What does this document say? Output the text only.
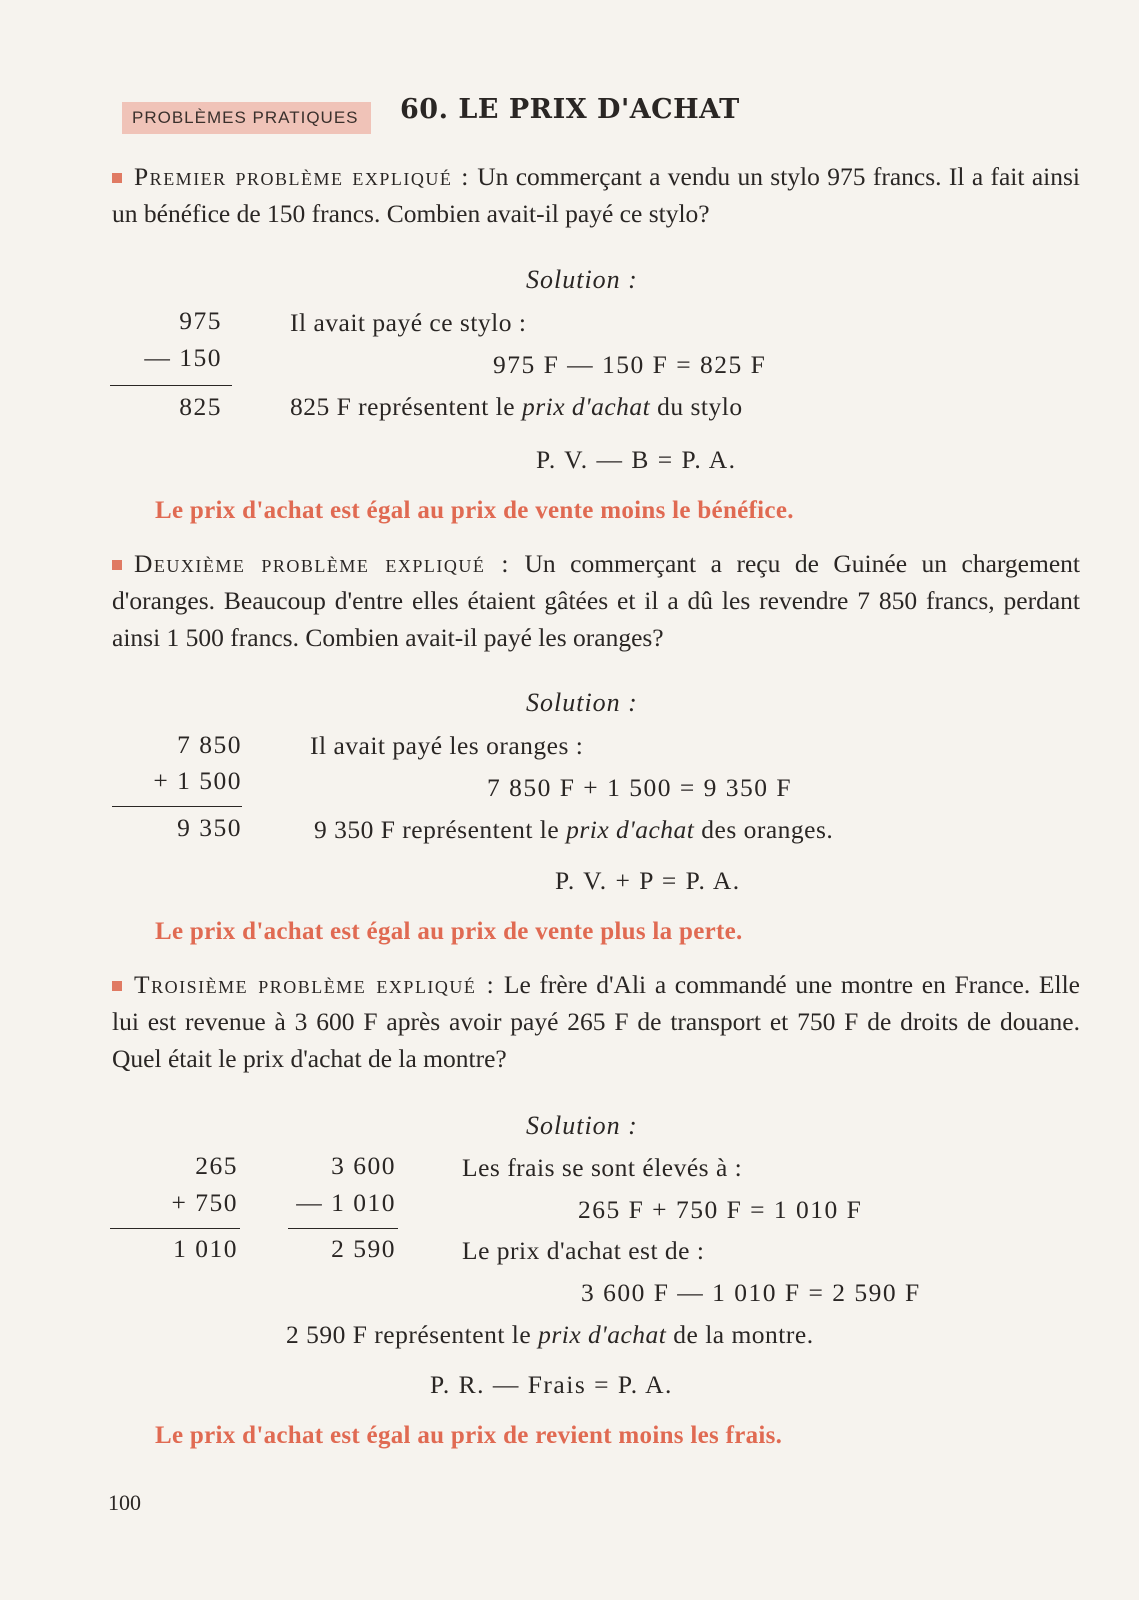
PROBLÈMES PRATIQUES	60. LE PRIX D'ACHAT
Premier problème expliqué : Un commerçant a vendu un stylo 975 francs. Il a fait ainsi un bénéfice de 150 francs. Combien avait-il payé ce stylo?
Solution :
975
— 150
825
Il avait payé ce stylo :
975 F — 150 F = 825 F
825 F représentent le prix d'achat du stylo
P. V. — B = P. A.
Le prix d'achat est égal au prix de vente moins le bénéfice.
Deuxième problème expliqué : Un commerçant a reçu de Guinée un chargement d'oranges. Beaucoup d'entre elles étaient gâtées et il a dû les revendre 7 850 francs, perdant ainsi 1 500 francs. Combien avait-il payé les oranges?
Solution :
7 850
+ 1 500
9 350
Il avait payé les oranges :
7 850 F + 1 500 = 9 350 F
9 350 F représentent le prix d'achat des oranges.
P. V. + P = P. A.
Le prix d'achat est égal au prix de vente plus la perte.
Troisième problème expliqué : Le frère d'Ali a commandé une montre en France. Elle lui est revenue à 3 600 F après avoir payé 265 F de transport et 750 F de droits de douane. Quel était le prix d'achat de la montre?
Solution :
265
+ 750
1 010
3 600
— 1 010
2 590
Les frais se sont élevés à :
265 F + 750 F = 1 010 F
Le prix d'achat est de :
3 600 F — 1 010 F = 2 590 F
2 590 F représentent le prix d'achat de la montre.
P. R. — Frais = P. A.
Le prix d'achat est égal au prix de revient moins les frais.
100
